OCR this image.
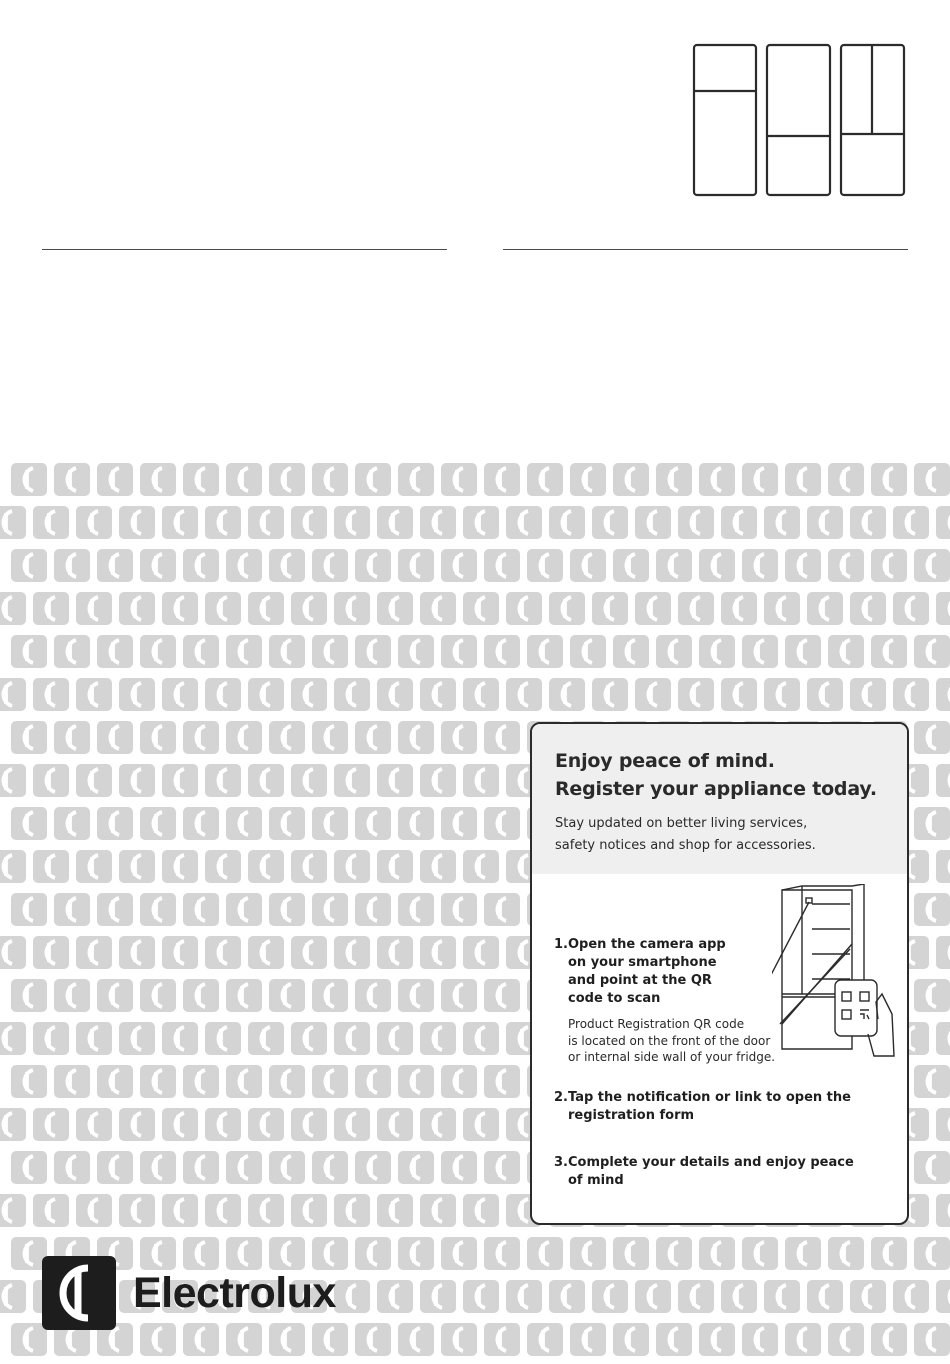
Enjoy peace of mind.
Register your appliance today.
Stay updated on better living services,
safety notices and shop for accessories.
1. Open the camera app
on your smartphone
and point at the QR
code to scan
Product Registration QR code
is located on the front of the door
or internal side wall of your fridge.
2. Tap the notification or link to open the
registration form
3. Complete your details and enjoy peace
of mind
Electrolux
